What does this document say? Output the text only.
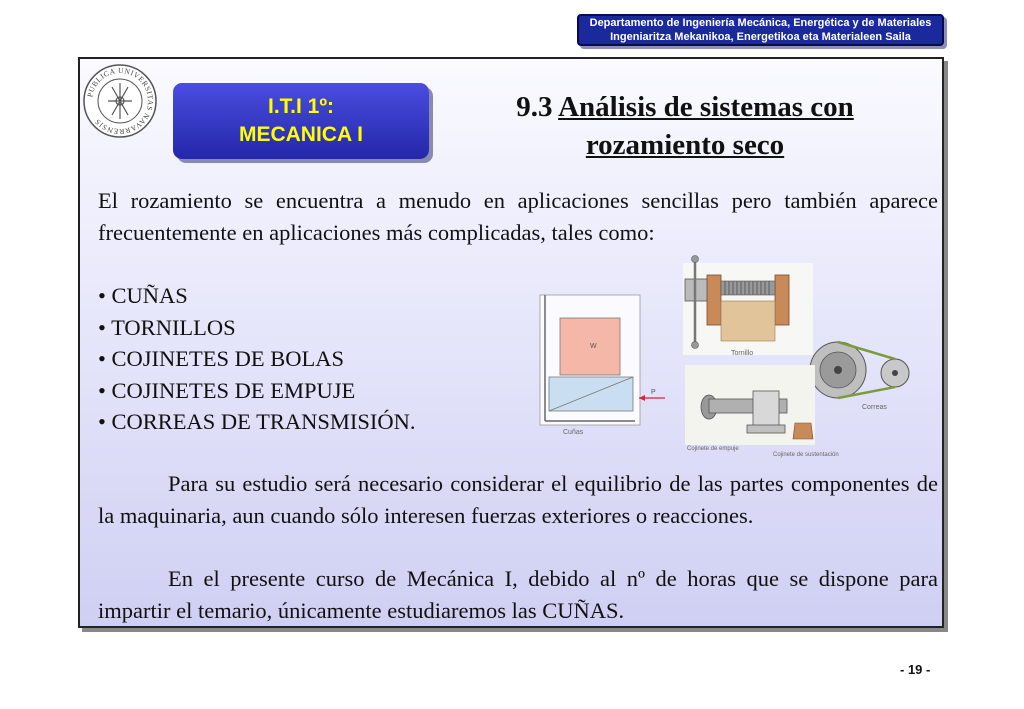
Departamento de Ingeniería Mecánica, Energética y de Materiales
Ingeniaritza Mekanikoa, Energetikoa eta Materialeen Saila
PUBLICA UNIVERSITAS NAVARRENSIS
I.T.I 1º:
MECANICA I
9.3 Análisis de sistemas con
rozamiento seco

El rozamiento se encuentra a menudo en aplicaciones sencillas pero también aparece frecuentemente en aplicaciones más complicadas, tales como:

• CUÑAS
• TORNILLOS
• COJINETES DE BOLAS
• COJINETES DE EMPUJE
• CORREAS DE TRANSMISIÓN.
W
P
Cuñas
Tornillo
Correas
Cojinete de empuje
Cojinete de sustentación

Para su estudio será necesario considerar el equilibrio de las partes componentes de la maquinaria, aun cuando sólo interesen fuerzas exteriores o reacciones.

En el presente curso de Mecánica I, debido al nº de horas que se dispone para impartir el temario, únicamente estudiaremos las CUÑAS.

- 19 -
